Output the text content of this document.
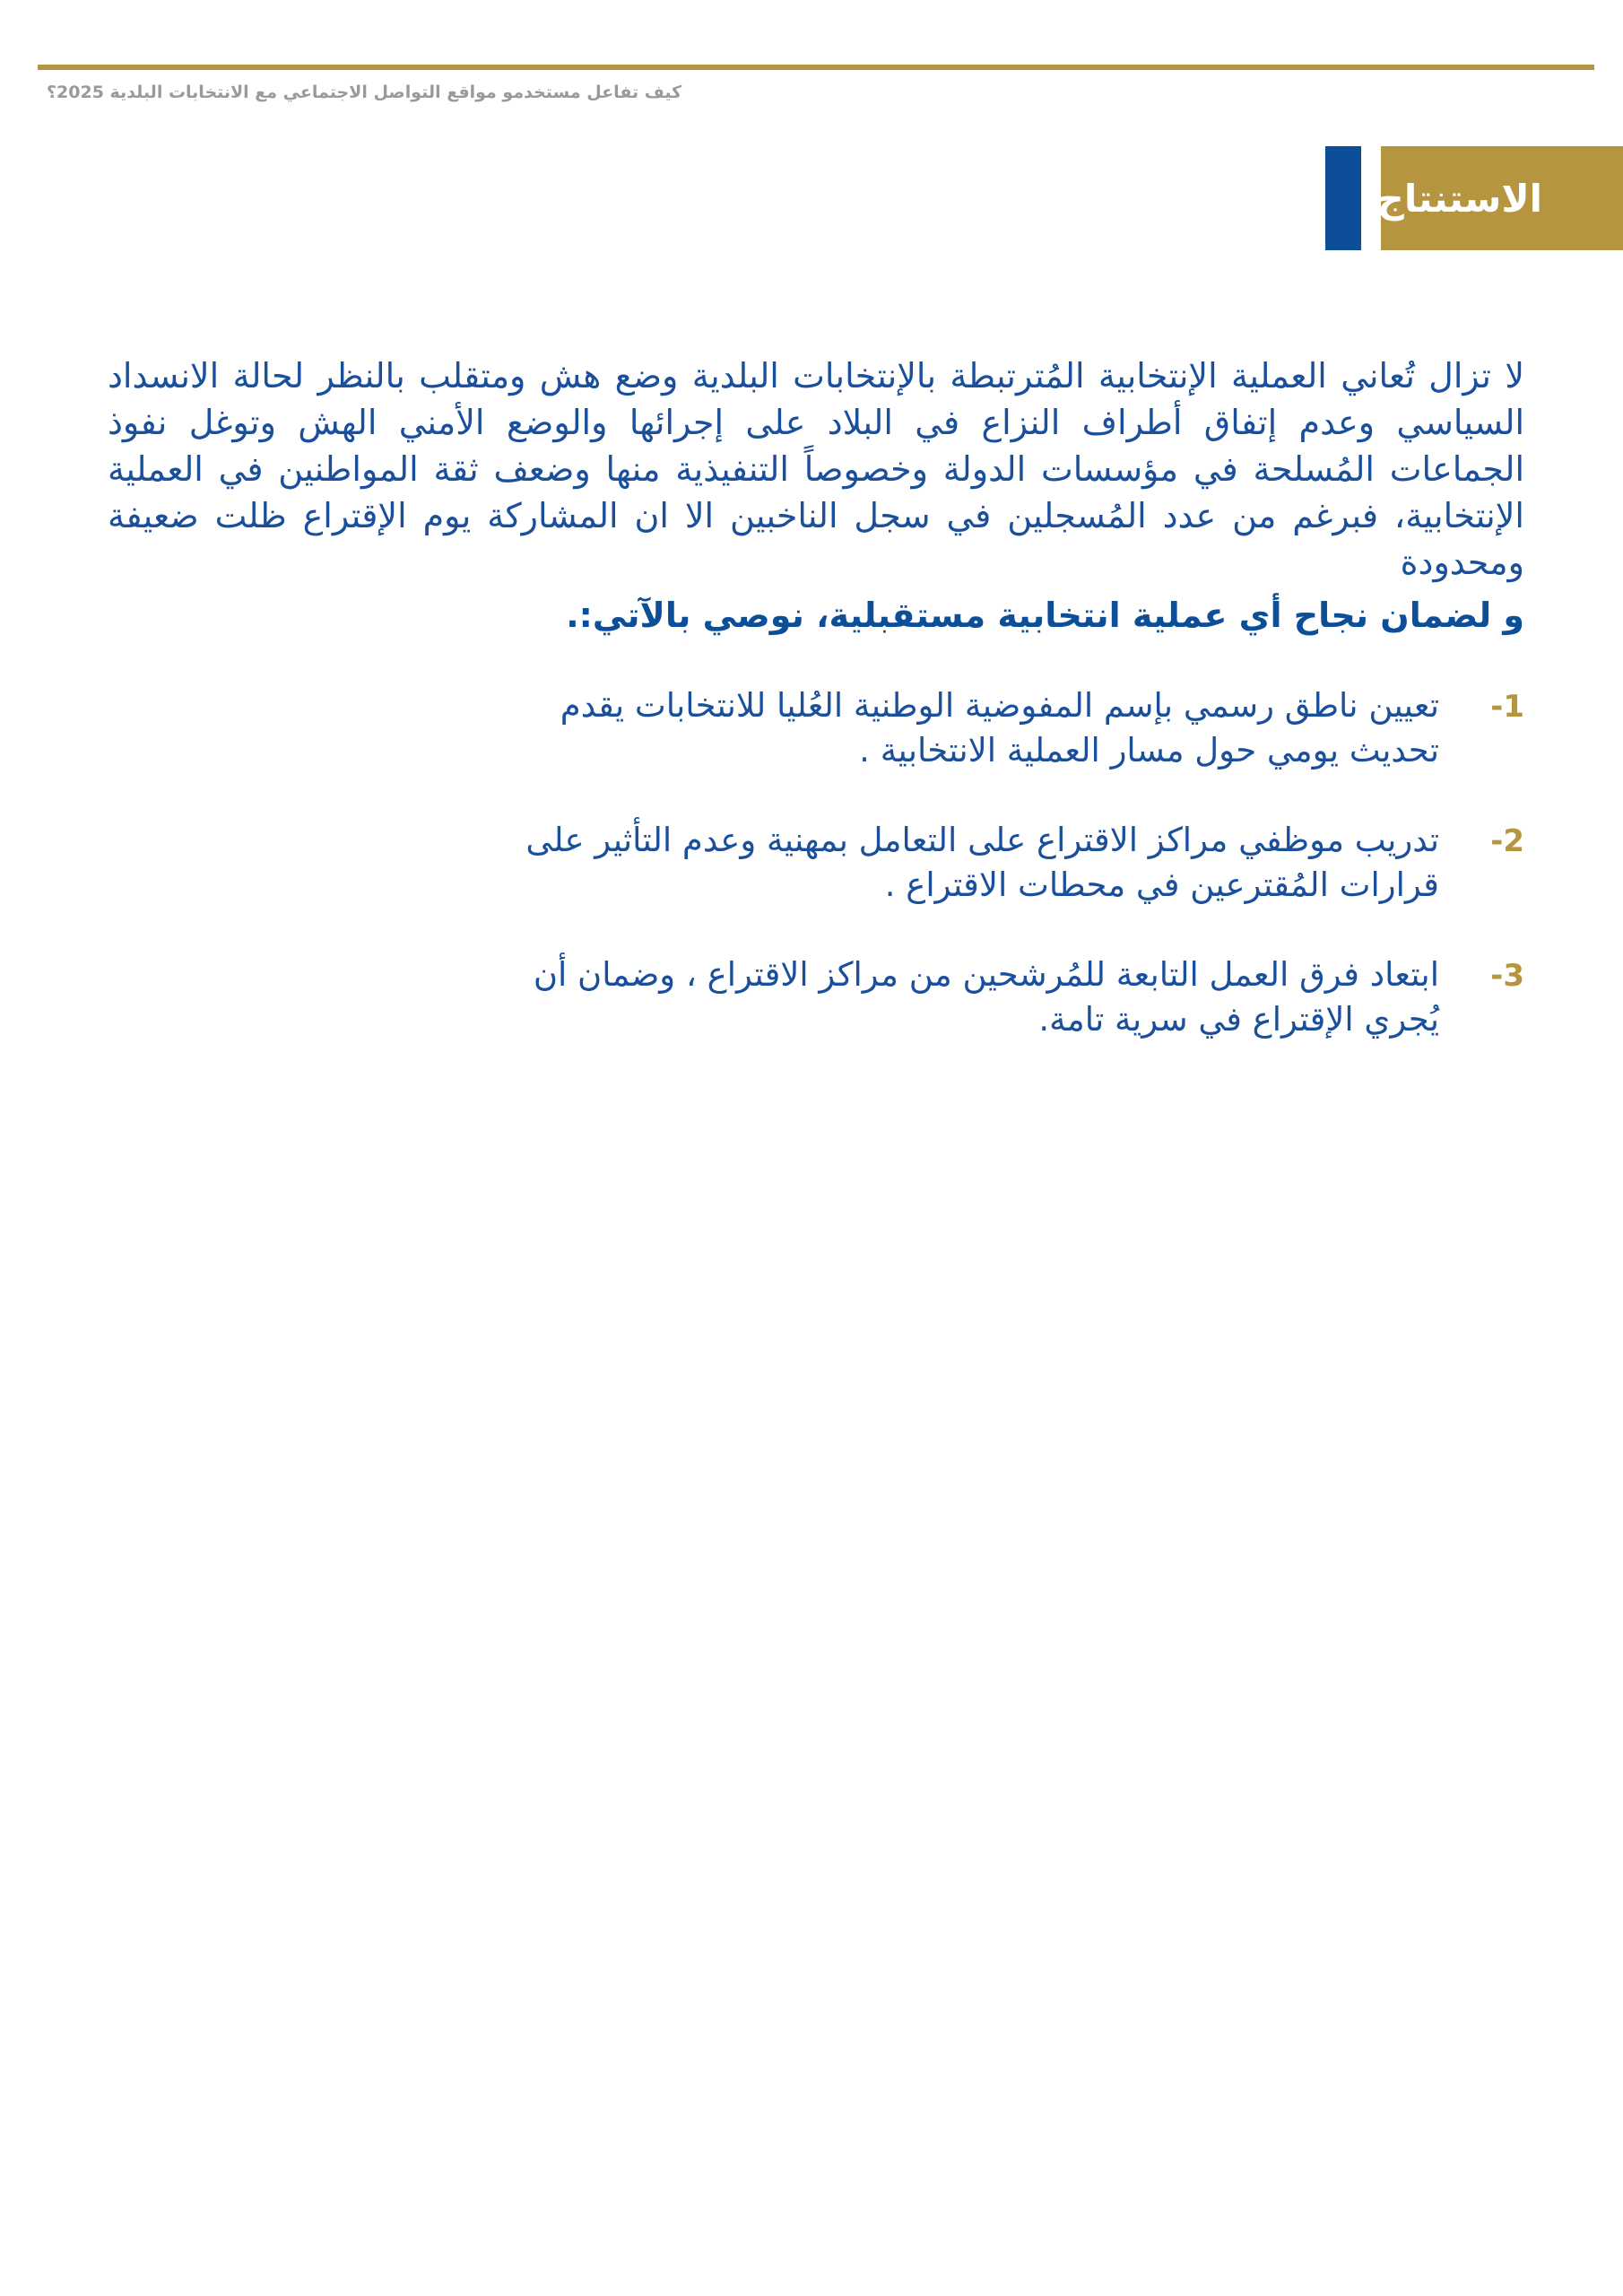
كيف تفاعل مستخدمو مواقع التواصل الاجتماعي مع الانتخابات البلدية 2025؟
الاستنتاج:

لا تزال تُعاني العملية الإنتخابية المُترتبطة بالإنتخابات البلدية وضع هش ومتقلب بالنظر لحالة الانسداد السياسي وعدم إتفاق أطراف النزاع في البلاد على إجرائها والوضع الأمني الهش وتوغل نفوذ الجماعات المُسلحة في مؤسسات الدولة وخصوصاً التنفيذية منها وضعف ثقة المواطنين في العملية الإنتخابية، فبرغم من عدد المُسجلين في سجل الناخبين الا ان المشاركة يوم الإقتراع ظلت ضعيفة ومحدودة

و لضمان نجاح أي عملية انتخابية مستقبلية، نوصي بالآتي:.
-1
تعيين ناطق رسمي بإسم المفوضية الوطنية العُليا للانتخابات يقدم تحديث يومي حول مسار العملية الانتخابية .
-2
تدريب موظفي مراكز الاقتراع على التعامل بمهنية وعدم التأثير على قرارات المُقترعين في محطات الاقتراع .
-3
ابتعاد فرق العمل التابعة للمُرشحين من مراكز الاقتراع ، وضمان أن يُجري الإقتراع في سرية تامة.
